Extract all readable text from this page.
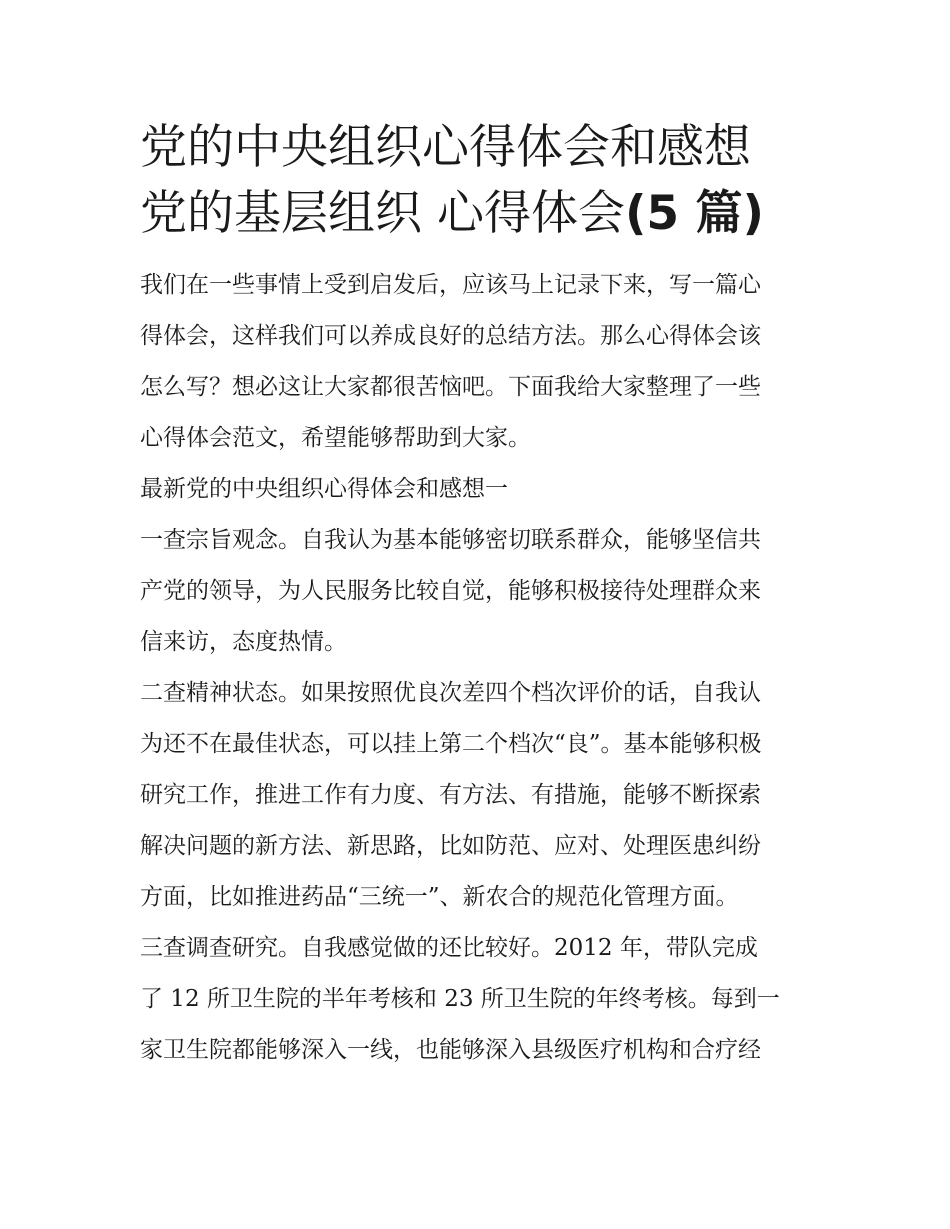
党的中央组织心得体会和感想
党的基层组织 心得体会(5 篇)
我们在一些事情上受到启发后，应该马上记录下来，写一篇心
得体会，这样我们可以养成良好的总结方法。那么心得体会该
怎么写？想必这让大家都很苦恼吧。下面我给大家整理了一些
心得体会范文，希望能够帮助到大家。
最新党的中央组织心得体会和感想一
一查宗旨观念。自我认为基本能够密切联系群众，能够坚信共
产党的领导，为人民服务比较自觉，能够积极接待处理群众来
信来访，态度热情。
二查精神状态。如果按照优良次差四个档次评价的话，自我认
为还不在最佳状态，可以挂上第二个档次“良”。基本能够积极
研究工作，推进工作有力度、有方法、有措施，能够不断探索
解决问题的新方法、新思路，比如防范、应对、处理医患纠纷
方面，比如推进药品“三统一”、新农合的规范化管理方面。
三查调查研究。自我感觉做的还比较好。2012 年，带队完成
了 12 所卫生院的半年考核和 23 所卫生院的年终考核。每到一
家卫生院都能够深入一线，也能够深入县级医疗机构和合疗经
